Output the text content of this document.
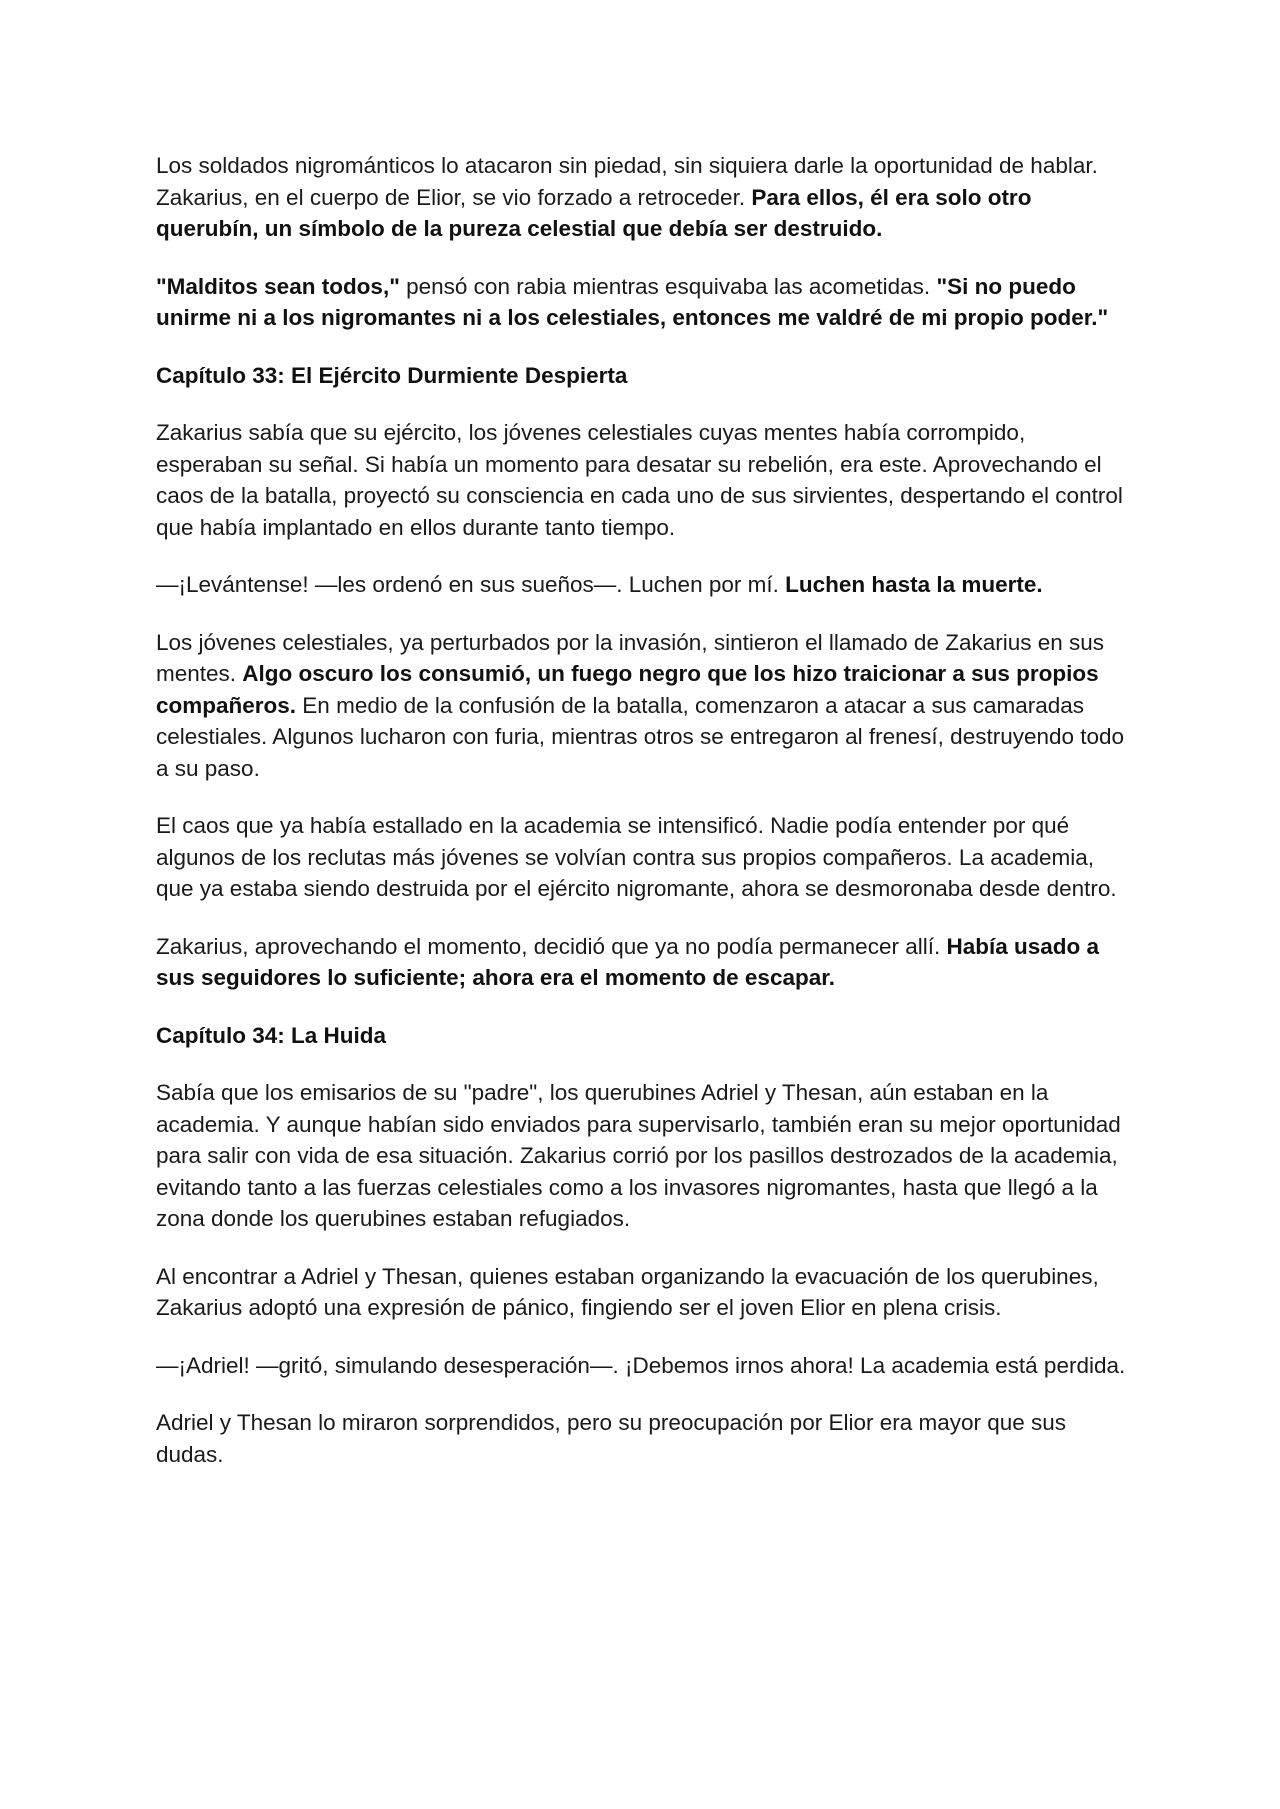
Los soldados nigrománticos lo atacaron sin piedad, sin siquiera darle la oportunidad de hablar. Zakarius, en el cuerpo de Elior, se vio forzado a retroceder. Para ellos, él era solo otro querubín, un símbolo de la pureza celestial que debía ser destruido.

"Malditos sean todos," pensó con rabia mientras esquivaba las acometidas. "Si no puedo unirme ni a los nigromantes ni a los celestiales, entonces me valdré de mi propio poder."

Capítulo 33: El Ejército Durmiente Despierta

Zakarius sabía que su ejército, los jóvenes celestiales cuyas mentes había corrompido, esperaban su señal. Si había un momento para desatar su rebelión, era este. Aprovechando el caos de la batalla, proyectó su consciencia en cada uno de sus sirvientes, despertando el control que había implantado en ellos durante tanto tiempo.

—¡Levántense! —les ordenó en sus sueños—. Luchen por mí. Luchen hasta la muerte.

Los jóvenes celestiales, ya perturbados por la invasión, sintieron el llamado de Zakarius en sus mentes. Algo oscuro los consumió, un fuego negro que los hizo traicionar a sus propios compañeros. En medio de la confusión de la batalla, comenzaron a atacar a sus camaradas celestiales. Algunos lucharon con furia, mientras otros se entregaron al frenesí, destruyendo todo a su paso.

El caos que ya había estallado en la academia se intensificó. Nadie podía entender por qué algunos de los reclutas más jóvenes se volvían contra sus propios compañeros. La academia, que ya estaba siendo destruida por el ejército nigromante, ahora se desmoronaba desde dentro.

Zakarius, aprovechando el momento, decidió que ya no podía permanecer allí. Había usado a sus seguidores lo suficiente; ahora era el momento de escapar.

Capítulo 34: La Huida

Sabía que los emisarios de su "padre", los querubines Adriel y Thesan, aún estaban en la academia. Y aunque habían sido enviados para supervisarlo, también eran su mejor oportunidad para salir con vida de esa situación. Zakarius corrió por los pasillos destrozados de la academia, evitando tanto a las fuerzas celestiales como a los invasores nigromantes, hasta que llegó a la zona donde los querubines estaban refugiados.

Al encontrar a Adriel y Thesan, quienes estaban organizando la evacuación de los querubines, Zakarius adoptó una expresión de pánico, fingiendo ser el joven Elior en plena crisis.

—¡Adriel! —gritó, simulando desesperación—. ¡Debemos irnos ahora! La academia está perdida.

Adriel y Thesan lo miraron sorprendidos, pero su preocupación por Elior era mayor que sus dudas.
